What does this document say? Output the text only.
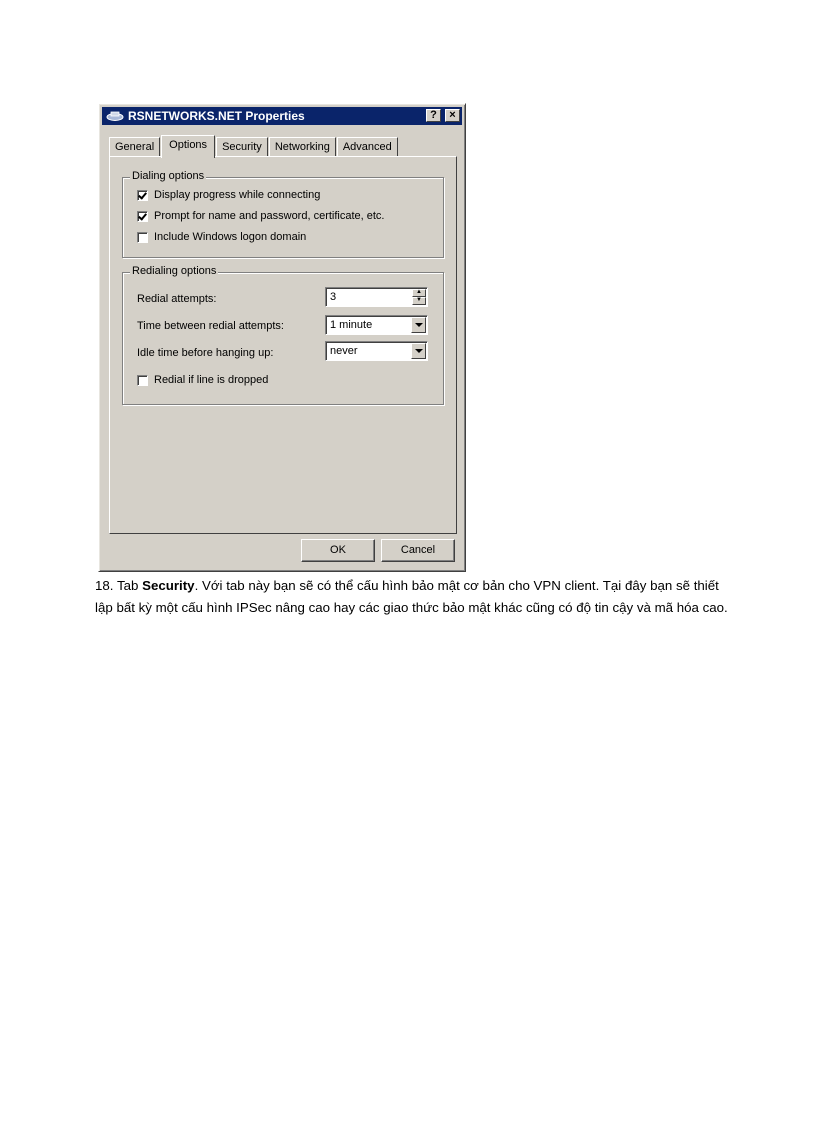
RSNETWORKS.NET Properties	?	×
General	Options	Security	Networking	Advanced
Dialing options
Display progress while connecting
Prompt for name and password, certificate, etc.
Include Windows logon domain
Redialing options
Redial attempts:	3	▲
▼
Time between redial attempts:	1 minute
Idle time before hanging up:	never
Redial if line is dropped
OK	Cancel
18. Tab Security. Với tab này bạn sẽ có thể cấu hình bảo mật cơ bản cho VPN client. Tại đây bạn sẽ thiết lập bất kỳ một cấu hình IPSec nâng cao hay các giao thức bảo mật khác cũng có độ tin cậy và mã hóa cao.
